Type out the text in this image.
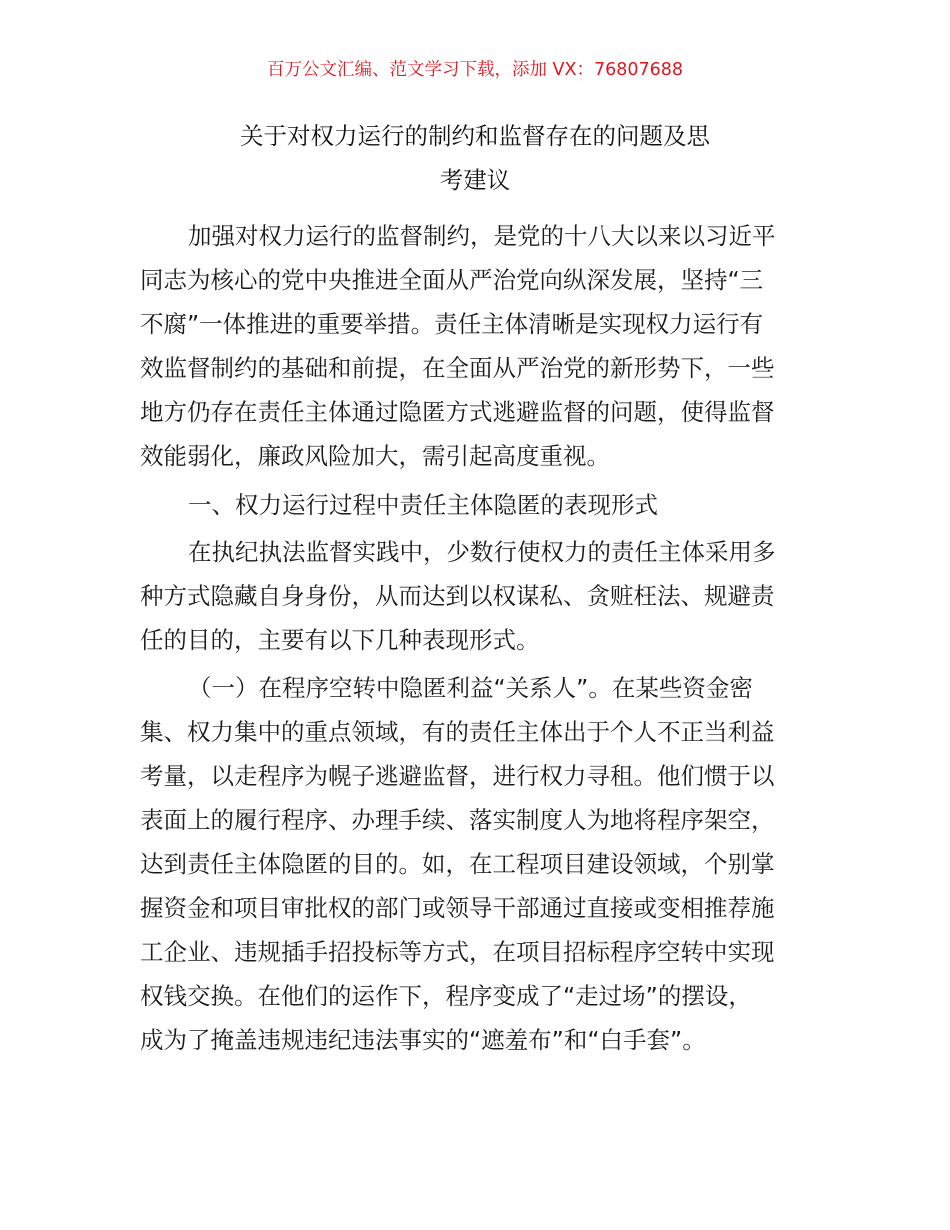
百万公文汇编、范文学习下载，添加 VX：76807688
关于对权力运行的制约和监督存在的问题及思
考建议
加强对权力运行的监督制约，是党的十八大以来以习近平
同志为核心的党中央推进全面从严治党向纵深发展，坚持“三
不腐”一体推进的重要举措。责任主体清晰是实现权力运行有
效监督制约的基础和前提，在全面从严治党的新形势下，一些
地方仍存在责任主体通过隐匿方式逃避监督的问题，使得监督
效能弱化，廉政风险加大，需引起高度重视。
一、权力运行过程中责任主体隐匿的表现形式
在执纪执法监督实践中，少数行使权力的责任主体采用多
种方式隐藏自身身份，从而达到以权谋私、贪赃枉法、规避责
任的目的，主要有以下几种表现形式。
（一）在程序空转中隐匿利益“关系人”。在某些资金密
集、权力集中的重点领域，有的责任主体出于个人不正当利益
考量，以走程序为幌子逃避监督，进行权力寻租。他们惯于以
表面上的履行程序、办理手续、落实制度人为地将程序架空，
达到责任主体隐匿的目的。如，在工程项目建设领域，个别掌
握资金和项目审批权的部门或领导干部通过直接或变相推荐施
工企业、违规插手招投标等方式，在项目招标程序空转中实现
权钱交换。在他们的运作下，程序变成了“走过场”的摆设，
成为了掩盖违规违纪违法事实的“遮羞布”和“白手套”。
